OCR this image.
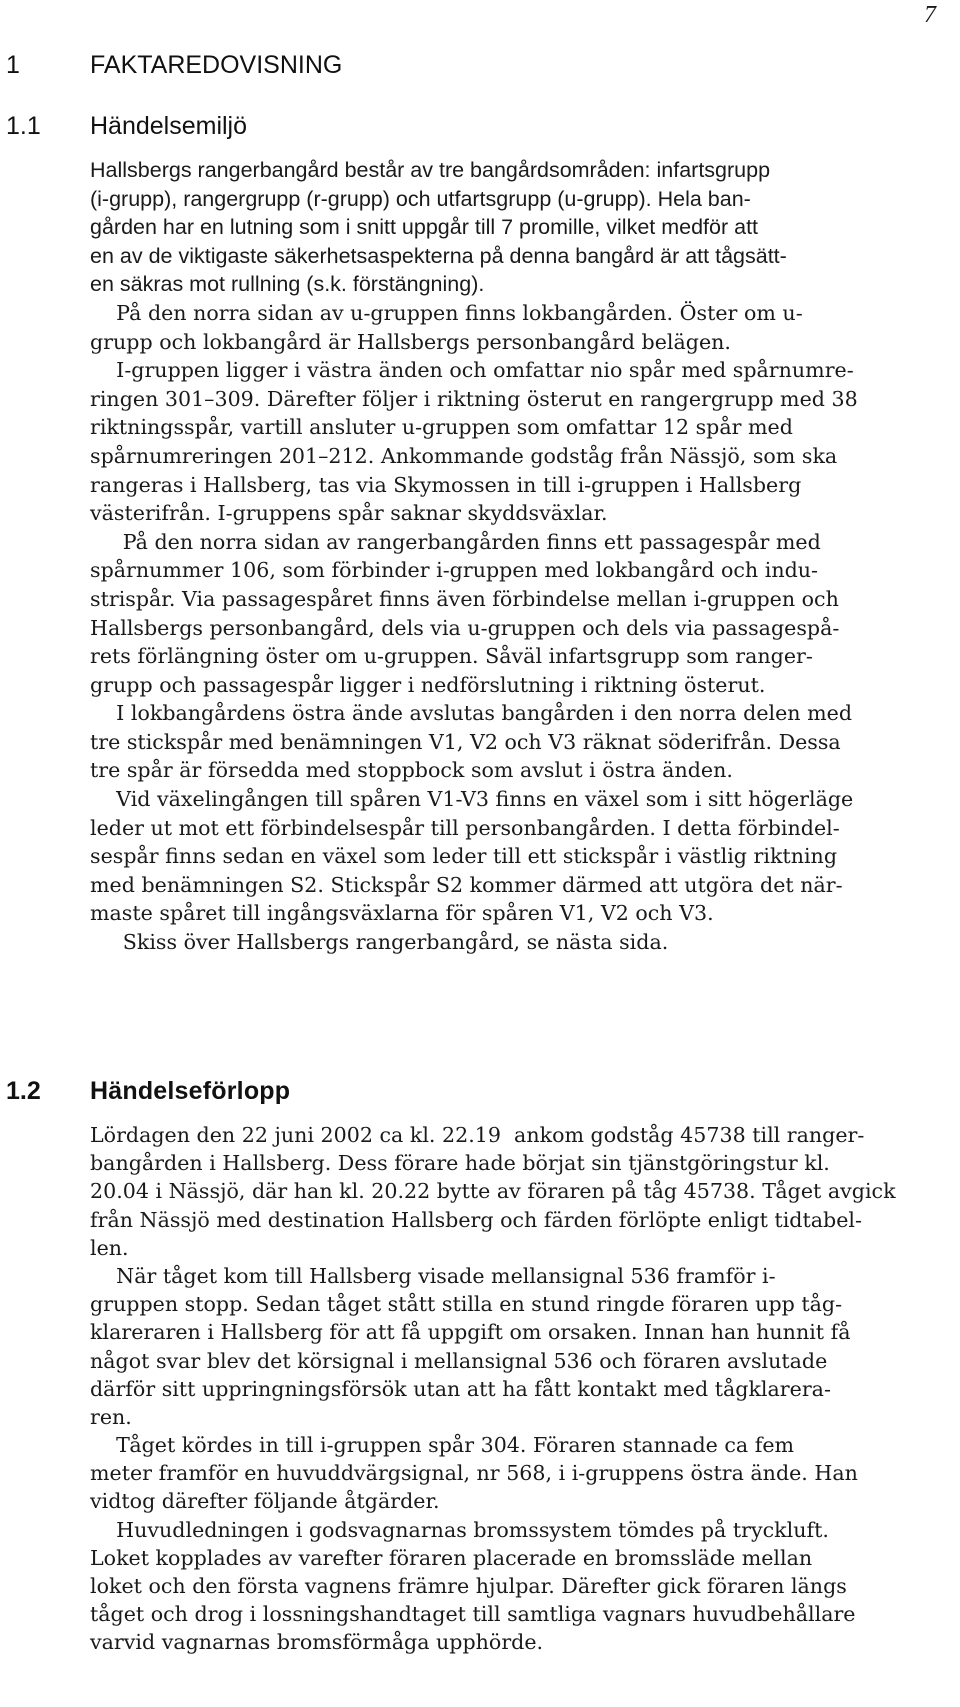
7
1	FAKTAREDOVISNING
1.1 Händelsemiljö
Hallsbergs rangerbangård består av tre bangårdsområden: infartsgrupp
(i-grupp), rangergrupp (r-grupp) och utfartsgrupp (u-grupp). Hela ban-
gården har en lutning som i snitt uppgår till 7 promille, vilket medför att
en av de viktigaste säkerhetsaspekterna på denna bangård är att tågsätt-
en säkras mot rullning (s.k. förstängning).
På den norra sidan av u-gruppen finns lokbangården. Öster om u-
grupp och lokbangård är Hallsbergs personbangård belägen.
I-gruppen ligger i västra änden och omfattar nio spår med spårnumre-
ringen 301–309. Därefter följer i riktning österut en rangergrupp med 38
riktningsspår, vartill ansluter u-gruppen som omfattar 12 spår med
spårnumreringen 201–212. Ankommande godståg från Nässjö, som ska
rangeras i Hallsberg, tas via Skymossen in till i-gruppen i Hallsberg
västerifrån. I-gruppens spår saknar skyddsväxlar.
På den norra sidan av rangerbangården finns ett passagespår med
spårnummer 106, som förbinder i-gruppen med lokbangård och indu-
strispår. Via passagespåret finns även förbindelse mellan i-gruppen och
Hallsbergs personbangård, dels via u-gruppen och dels via passagespå-
rets förlängning öster om u-gruppen. Såväl infartsgrupp som ranger-
grupp och passagespår ligger i nedförslutning i riktning österut.
I lokbangårdens östra ände avslutas bangården i den norra delen med
tre stickspår med benämningen V1, V2 och V3 räknat söderifrån. Dessa
tre spår är försedda med stoppbock som avslut i östra änden.
Vid växelingången till spåren V1-V3 finns en växel som i sitt högerläge
leder ut mot ett förbindelsespår till personbangården. I detta förbindel-
sespår finns sedan en växel som leder till ett stickspår i västlig riktning
med benämningen S2. Stickspår S2 kommer därmed att utgöra det när-
maste spåret till ingångsväxlarna för spåren V1, V2 och V3.
Skiss över Hallsbergs rangerbangård, se nästa sida.
1.2 Händelseförlopp
Lördagen den 22 juni 2002 ca kl. 22.19  ankom godståg 45738 till ranger-
bangården i Hallsberg. Dess förare hade börjat sin tjänstgöringstur kl.
20.04 i Nässjö, där han kl. 20.22 bytte av föraren på tåg 45738. Tåget avgick
från Nässjö med destination Hallsberg och färden förlöpte enligt tidtabel-
len.
När tåget kom till Hallsberg visade mellansignal 536 framför i-
gruppen stopp. Sedan tåget stått stilla en stund ringde föraren upp tåg-
klareraren i Hallsberg för att få uppgift om orsaken. Innan han hunnit få
något svar blev det körsignal i mellansignal 536 och föraren avslutade
därför sitt uppringningsförsök utan att ha fått kontakt med tågklarera-
ren.
Tåget kördes in till i-gruppen spår 304. Föraren stannade ca fem
meter framför en huvuddvärgsignal, nr 568, i i-gruppens östra ände. Han
vidtog därefter följande åtgärder.
Huvudledningen i godsvagnarnas bromssystem tömdes på tryckluft.
Loket kopplades av varefter föraren placerade en bromssläde mellan
loket och den första vagnens främre hjulpar. Därefter gick föraren längs
tåget och drog i lossningshandtaget till samtliga vagnars huvudbehållare
varvid vagnarnas bromsförmåga upphörde.
